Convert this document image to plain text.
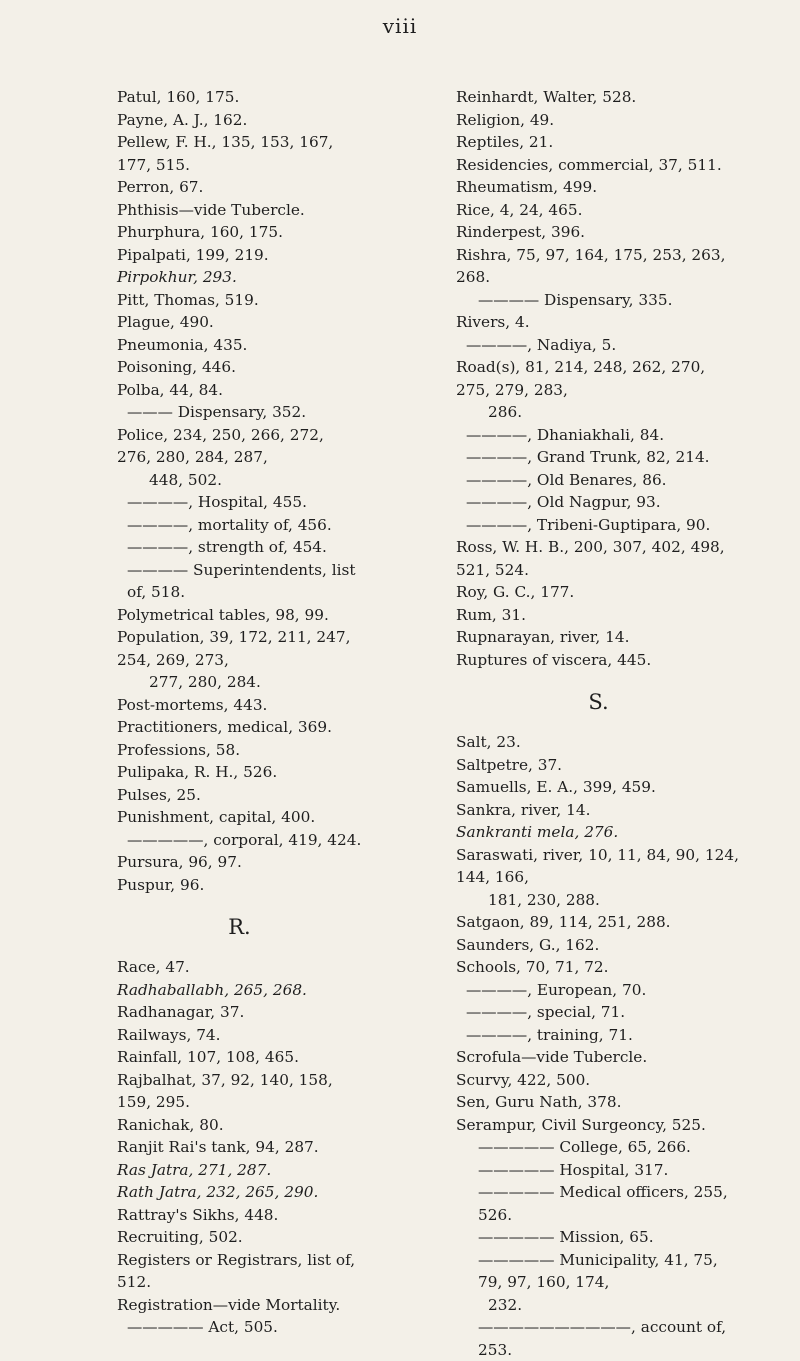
viii
Patul, 160, 175.
Payne, A. J., 162.
Pellew, F. H., 135, 153, 167, 177, 515.
Perron, 67.
Phthisis—vide Tubercle.
Phurphura, 160, 175.
Pipalpati, 199, 219.
Pirpokhur, 293.
Pitt, Thomas, 519.
Plague, 490.
Pneumonia, 435.
Poisoning, 446.
Polba, 44, 84.
——— Dispensary, 352.
Police, 234, 250, 266, 272, 276, 280, 284, 287,
448, 502.
————, Hospital, 455.
————, mortality of, 456.
————, strength of, 454.
———— Superintendents, list of, 518.
Polymetrical tables, 98, 99.
Population, 39, 172, 211, 247, 254, 269, 273,
277, 280, 284.
Post-mortems, 443.
Practitioners, medical, 369.
Professions, 58.
Pulipaka, R. H., 526.
Pulses, 25.
Punishment, capital, 400.
—————, corporal, 419, 424.
Pursura, 96, 97.
Puspur, 96.
R.
Race, 47.
Radhaballabh, 265, 268.
Radhanagar, 37.
Railways, 74.
Rainfall, 107, 108, 465.
Rajbalhat, 37, 92, 140, 158, 159, 295.
Ranichak, 80.
Ranjit Rai's tank, 94, 287.
Ras Jatra, 271, 287.
Rath Jatra, 232, 265, 290.
Rattray's Sikhs, 448.
Recruiting, 502.
Registers or Registrars, list of, 512.
Registration—vide Mortality.
————— Act, 505.
Reinhardt, Walter, 528.
Religion, 49.
Reptiles, 21.
Residencies, commercial, 37, 511.
Rheumatism, 499.
Rice, 4, 24, 465.
Rinderpest, 396.
Rishra, 75, 97, 164, 175, 253, 263, 268.
———— Dispensary, 335.
Rivers, 4.
————, Nadiya, 5.
Road(s), 81, 214, 248, 262, 270, 275, 279, 283,
286.
————, Dhaniakhali, 84.
————, Grand Trunk, 82, 214.
————, Old Benares, 86.
————, Old Nagpur, 93.
————, Tribeni-Guptipara, 90.
Ross, W. H. B., 200, 307, 402, 498, 521, 524.
Roy, G. C., 177.
Rum, 31.
Rupnarayan, river, 14.
Ruptures of viscera, 445.
S.
Salt, 23.
Saltpetre, 37.
Samuells, E. A., 399, 459.
Sankra, river, 14.
Sankranti mela, 276.
Saraswati, river, 10, 11, 84, 90, 124, 144, 166,
181, 230, 288.
Satgaon, 89, 114, 251, 288.
Saunders, G., 162.
Schools, 70, 71, 72.
————, European, 70.
————, special, 71.
————, training, 71.
Scrofula—vide Tubercle.
Scurvy, 422, 500.
Sen, Guru Nath, 378.
Serampur, Civil Surgeoncy, 525.
————— College, 65, 266.
————— Hospital, 317.
————— Medical officers, 255, 526.
————— Mission, 65.
————— Municipality, 41, 75, 79, 97, 160, 174,
232.
——————————, account of, 253.
